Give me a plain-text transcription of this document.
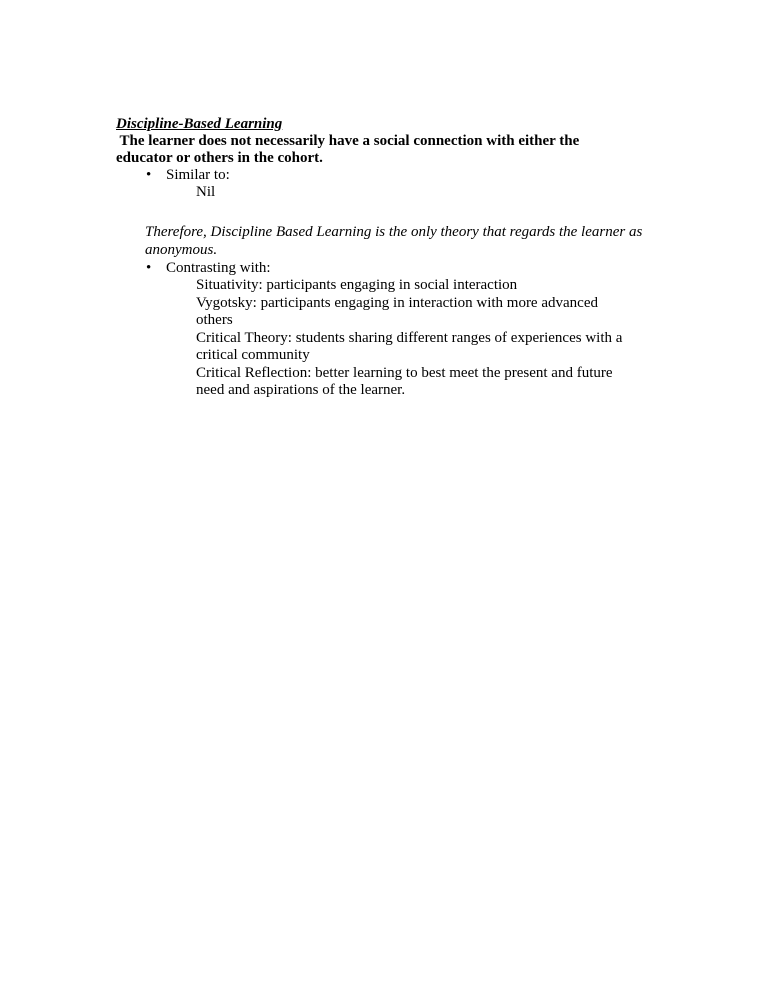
Discipline-Based Learning
The learner does not necessarily have a social connection with either the
educator or others in the cohort.
• Similar to:
Nil
Therefore, Discipline Based Learning is the only theory that regards the learner as anonymous.
• Contrasting with:
Situativity: participants engaging in social interaction
Vygotsky: participants engaging in interaction with more advanced others
Critical Theory: students sharing different ranges of experiences with a critical community
Critical Reflection: better learning to best meet the present and future need and aspirations of the learner.
